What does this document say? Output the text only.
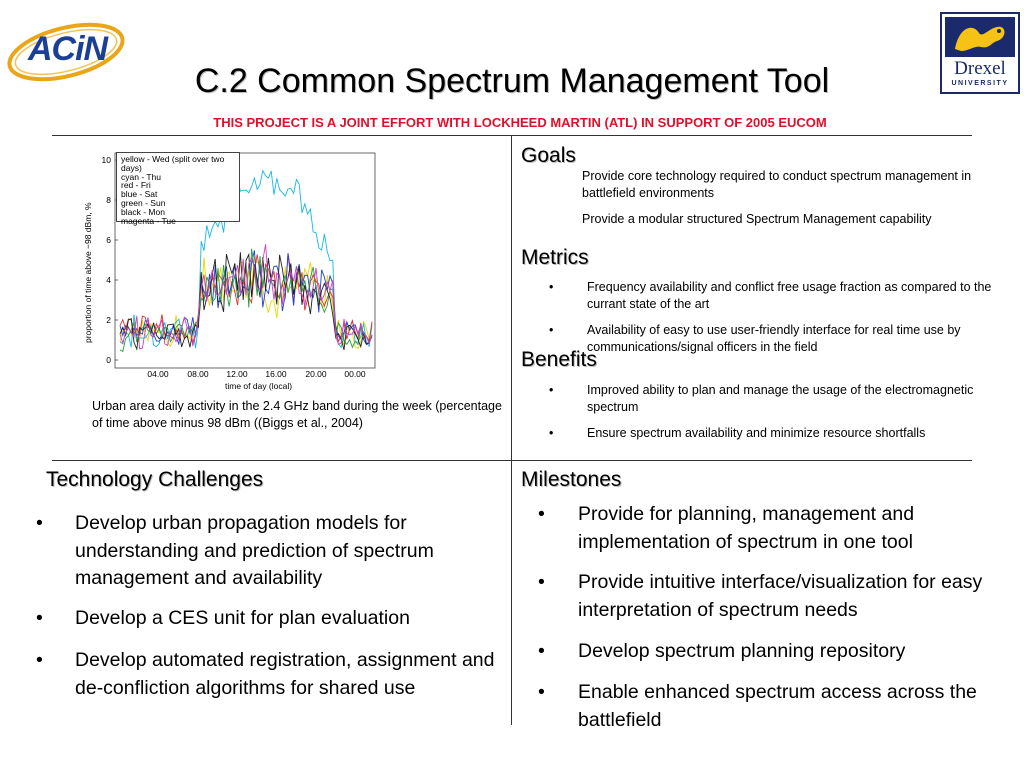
ACiN
Drexel
UNIVERSITY
C.2 Common Spectrum Management Tool
THIS PROJECT IS A JOINT EFFORT WITH LOCKHEED MARTIN (ATL) IN SUPPORT OF 2005 EUCOM
10
8
6
4
2
0
04.00 08.00 12.00 16.00 20.00 00.00
proportion of time above −98 dBm, %
time of day (local)
yellow - Wed (split over two days)
cyan - Thu
red - Fri
blue - Sat
green - Sun
black - Mon
magenta - Tue
Urban area daily activity in the 2.4 GHz band during the week (percentage of time above minus 98 dBm ((Biggs et al., 2004)
Goals
Provide core technology required to conduct spectrum management in battlefield environments
Provide a modular structured Spectrum Management capability
Metrics
•	Frequency availability and conflict free usage fraction as compared to the currant state of the art
•	Availability of easy to use user-friendly interface for real time use by communications/signal officers in the field
Benefits
•	Improved ability to plan and manage the usage of the electromagnetic spectrum
•	Ensure spectrum availability and minimize resource shortfalls
Technology Challenges
• Develop urban propagation models for understanding and prediction of spectrum management and availability
• Develop a CES unit for plan evaluation
• Develop automated registration, assignment and de-confliction algorithms for shared use
Milestones
• Provide for planning, management and implementation of spectrum in one tool
• Provide intuitive interface/visualization for easy interpretation of spectrum needs
• Develop spectrum planning repository
• Enable enhanced spectrum access across the battlefield
